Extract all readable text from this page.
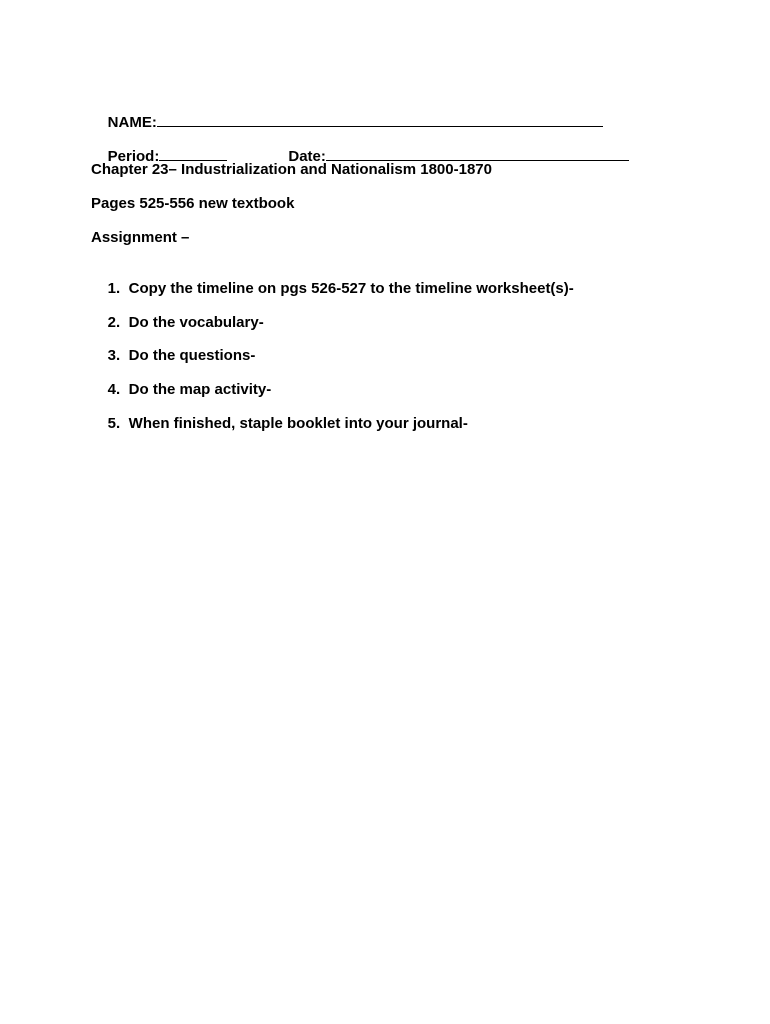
NAME:

Period:	Date:

Chapter 23– Industrialization and Nationalism 1800-1870
Pages 525-556 new textbook
Assignment –

1. Copy the timeline on pgs 526-527 to the timeline worksheet(s)-

2. Do the vocabulary-

3. Do the questions-

4. Do the map activity-

5. When finished, staple booklet into your journal-
